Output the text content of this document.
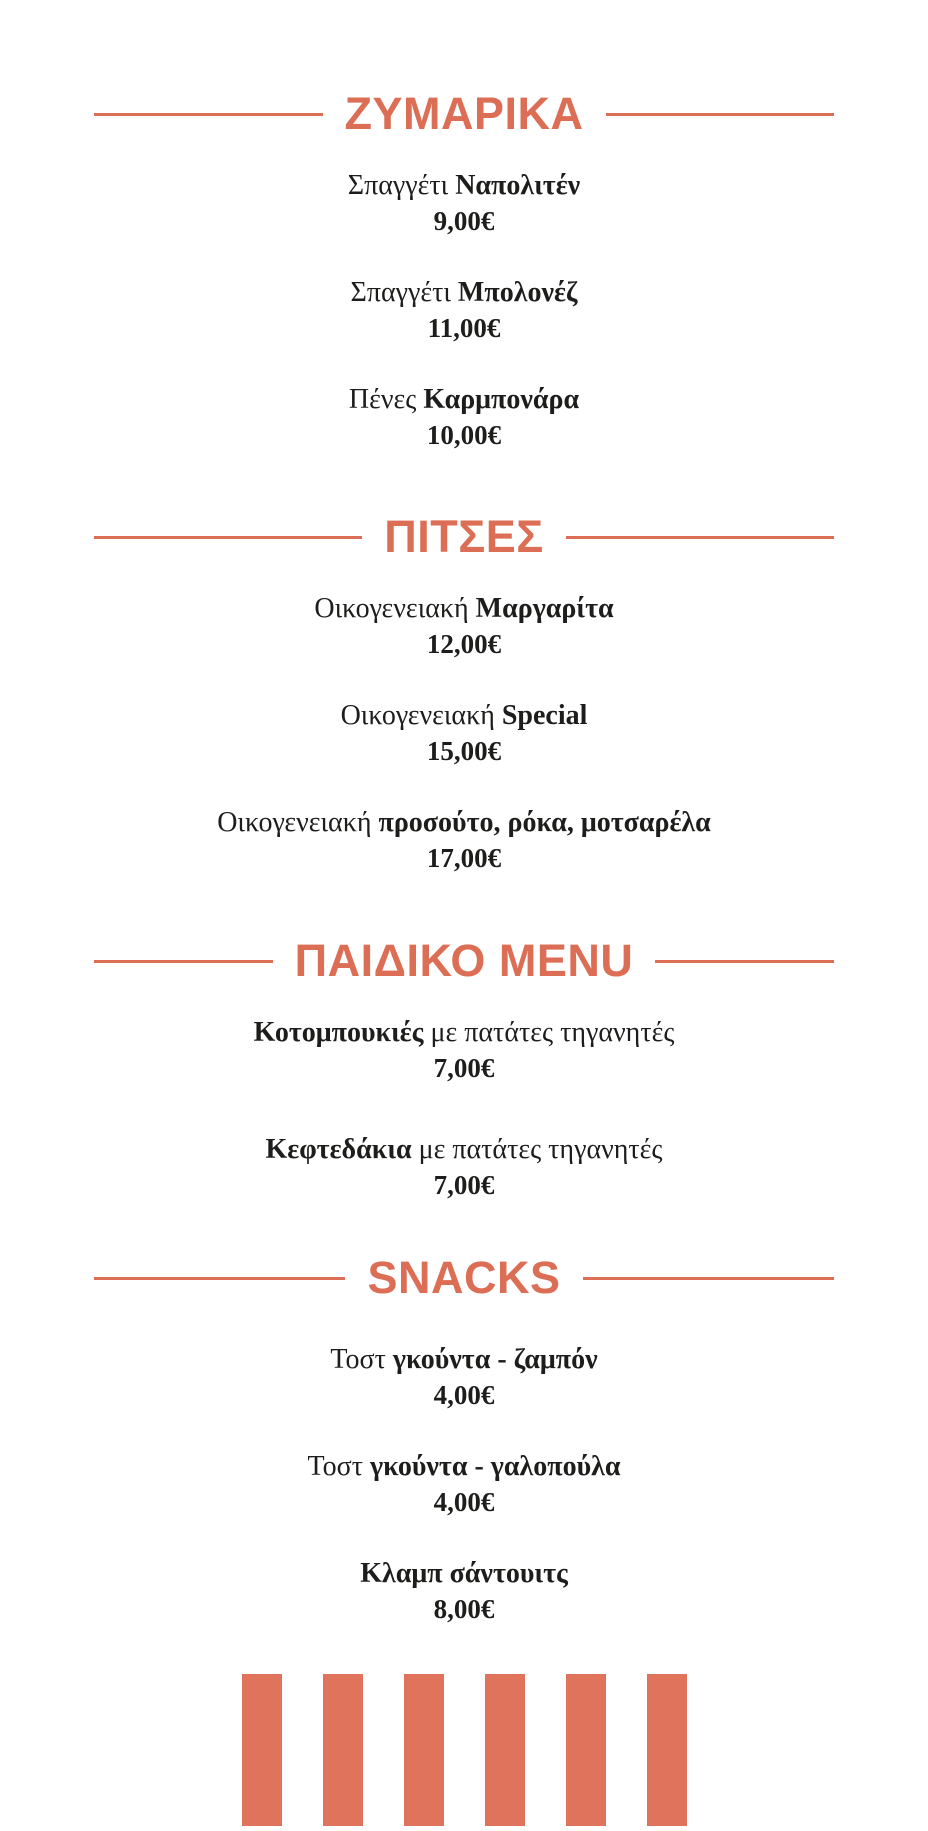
ΖΥΜΑΡΙΚΑ
Σπαγγέτι Ναπολιτέν
9,00€
Σπαγγέτι Μπολονέζ
11,00€
Πένες Καρμπονάρα
10,00€
ΠΙΤΣΕΣ
Οικογενειακή Μαργαρίτα
12,00€
Οικογενειακή Special
15,00€
Οικογενειακή προσούτο, ρόκα, μοτσαρέλα
17,00€
ΠΑΙΔΙΚΟ MENU
Κοτομπουκιές με πατάτες τηγανητές
7,00€
Κεφτεδάκια με πατάτες τηγανητές
7,00€
SNACKS
Τοστ γκούντα - ζαμπόν
4,00€
Τοστ γκούντα - γαλοπούλα
4,00€
Κλαμπ σάντουιτς
8,00€
